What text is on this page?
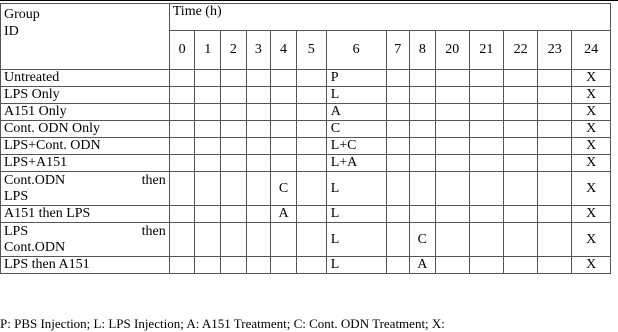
Group
ID	Time (h)													
	0	1	2	3	4	5	6	7	8	20	21	22	23	24
Untreated							P							X
LPS Only							L							X
A151 Only							A							X
Cont. ODN Only							C							X
LPS+Cont. ODN							L+C							X
LPS+A151							L+A							X

Cont.ODN then
LPS					C		L							X
A151 then LPS					A		L							X

LPS then
Cont.ODN							L		C					X
LPS then A151							L		A					X
P: PBS Injection; L: LPS Injection; A: A151 Treatment; C: Cont. ODN Treatment; X:
